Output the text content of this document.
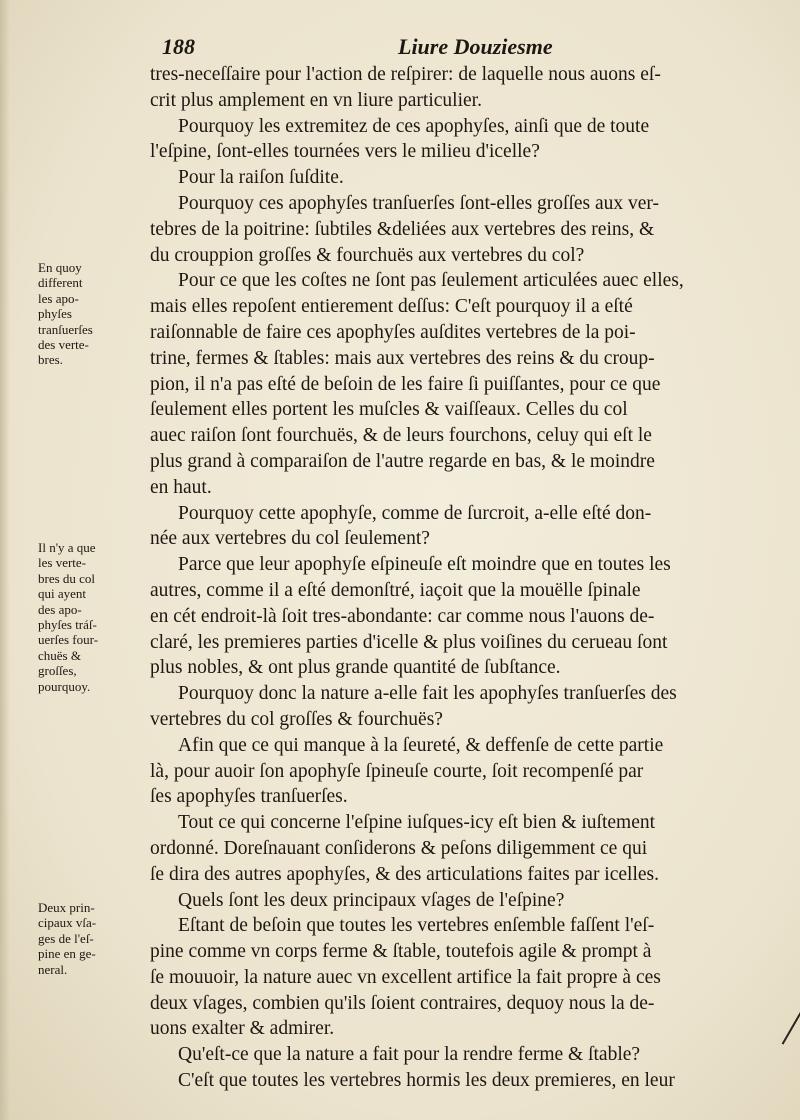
188	Liure Douziesme
En quoy
different
les apo-
phyſes
tranſuerſes
des verte-
bres.
Il n'y a que
les verte-
bres du col
qui ayent
des apo-
phyſes tráſ-
uerſes four-
chuës &
groſſes,
pourquoy.
Deux prin-
cipaux vſa-
ges de l'eſ-
pine en ge-
neral.
tres-neceſſaire pour l'action de reſpirer: de laquelle nous auons eſ-
crit plus amplement en vn liure particulier.
Pourquoy les extremitez de ces apophyſes, ainſi que de toute
l'eſpine, ſont-elles tournées vers le milieu d'icelle?
Pour la raiſon ſuſdite.
Pourquoy ces apophyſes tranſuerſes ſont-elles groſſes aux ver-
tebres de la poitrine: ſubtiles &deliées aux vertebres des reins, &
du crouppion groſſes & fourchuës aux vertebres du col?
Pour ce que les coſtes ne ſont pas ſeulement articulées auec elles,
mais elles repoſent entierement deſſus: C'eſt pourquoy il a eſté
raiſonnable de faire ces apophyſes auſdites vertebres de la poi-
trine, fermes & ſtables: mais aux vertebres des reins & du croup-
pion, il n'a pas eſté de beſoin de les faire ſi puiſſantes, pour ce que
ſeulement elles portent les muſcles & vaiſſeaux. Celles du col
auec raiſon ſont fourchuës, & de leurs fourchons, celuy qui eſt le
plus grand à comparaiſon de l'autre regarde en bas, & le moindre
en haut.
Pourquoy cette apophyſe, comme de ſurcroit, a-elle eſté don-
née aux vertebres du col ſeulement?
Parce que leur apophyſe eſpineuſe eſt moindre que en toutes les
autres, comme il a eſté demonſtré, iaçoit que la mouëlle ſpinale
en cét endroit-là ſoit tres-abondante: car comme nous l'auons de-
claré, les premieres parties d'icelle & plus voiſines du cerueau ſont
plus nobles, & ont plus grande quantité de ſubſtance.
Pourquoy donc la nature a-elle fait les apophyſes tranſuerſes des
vertebres du col groſſes & fourchuës?
Afin que ce qui manque à la ſeureté, & deffenſe de cette partie
là, pour auoir ſon apophyſe ſpineuſe courte, ſoit recompenſé par
ſes apophyſes tranſuerſes.
Tout ce qui concerne l'eſpine iuſques-icy eſt bien & iuſtement
ordonné. Doreſnauant conſiderons & peſons diligemment ce qui
ſe dira des autres apophyſes, & des articulations faites par icelles.
Quels ſont les deux principaux vſages de l'eſpine?
Eſtant de beſoin que toutes les vertebres enſemble faſſent l'eſ-
pine comme vn corps ferme & ſtable, toutefois agile & prompt à
ſe mouuoir, la nature auec vn excellent artifice la fait propre à ces
deux vſages, combien qu'ils ſoient contraires, dequoy nous la de-
uons exalter & admirer.
Qu'eſt-ce que la nature a fait pour la rendre ferme & ſtable?
C'eſt que toutes les vertebres hormis les deux premieres, en leur
